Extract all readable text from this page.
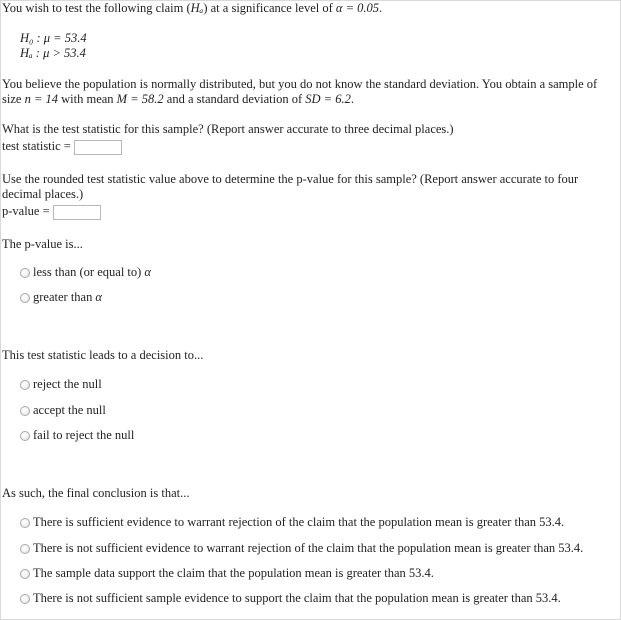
You wish to test the following claim (Hₐ) at a significance level of α = 0.05.
H₀ : μ = 53.4
Hₐ : μ > 53.4
You believe the population is normally distributed, but you do not know the standard deviation. You obtain a sample of
size n = 14 with mean M = 58.2 and a standard deviation of SD = 6.2.
What is the test statistic for this sample? (Report answer accurate to three decimal places.)
test statistic =
Use the rounded test statistic value above to determine the p-value for this sample? (Report answer accurate to four
decimal places.)
p-value =
The p-value is...
less than (or equal to) α
greater than α
This test statistic leads to a decision to...
reject the null
accept the null
fail to reject the null
As such, the final conclusion is that...
There is sufficient evidence to warrant rejection of the claim that the population mean is greater than 53.4.
There is not sufficient evidence to warrant rejection of the claim that the population mean is greater than 53.4.
The sample data support the claim that the population mean is greater than 53.4.
There is not sufficient sample evidence to support the claim that the population mean is greater than 53.4.
